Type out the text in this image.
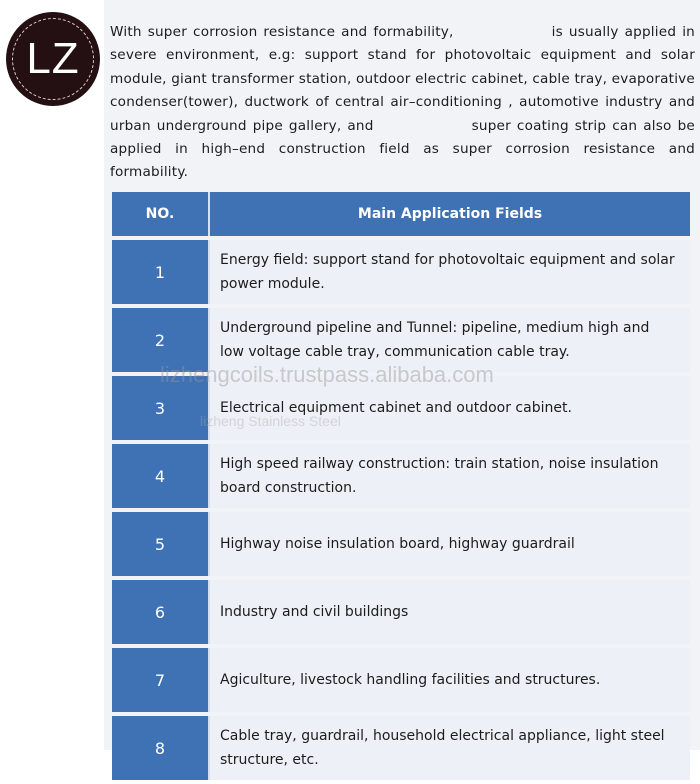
LZ

With super corrosion resistance and formability,	is usually applied in severe environment, e.g: support stand for photovoltaic equipment and solar module, giant transformer station, outdoor electric cabinet, cable tray, evaporative condenser(tower), ductwork of central air–conditioning , automotive industry and urban underground pipe gallery, and	super coating strip can also be applied in high–end construction field as super corrosion resistance and formability.

NO.	Main Application Fields
1	Energy field: support stand for photovoltaic equipment and solar power module.
2	Underground pipeline and Tunnel: pipeline, medium high and low voltage cable tray, communication cable tray.
3	Electrical equipment cabinet and outdoor cabinet.
4	High speed railway construction: train station, noise insulation board construction.
5	Highway noise insulation board, highway guardrail
6	Industry and civil buildings
7	Agiculture, livestock handling facilities and structures.
8	Cable tray, guardrail, household electrical appliance, light steel structure, etc.
lizhengcoils.trustpass.alibaba.com
lizheng Stainless Steel
